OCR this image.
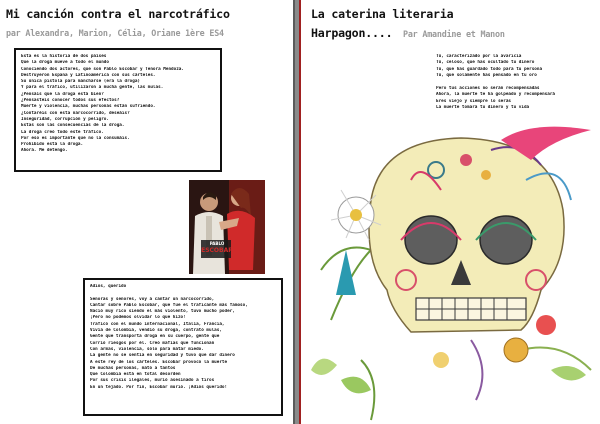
Mi canción contra el narcotráfico
par Alexandra, Marion, Célia, Oriane 1ère ES4
Esta es la historia de dos países
Que la droga mueve a todo el mundo
Conociendo dos actores, que son Pablo Escobar y Tenora Mendoza.
Destruyeron España y Latinoamérica con sus cárteles.
Su única pistola para mancharse (era la droga)
Y para el tráfico, utilizaron a mucha gente, las mulas.
¿Pensáis que la droga está bien?
¿Pensasteis conocer todos sus efectos?
Muerte y violencia, muchas personas están sufriendo.
¿Contaréis con esta narcocorrido, deseáis?
Inseguridad, corrupción y peligro.
Estas son las consecuencias de la droga.
La droga creó todo este tráfico.
Por eso es importante que no la consumáis.
Prohibido está la droga.
Ahora. Me detengo.
PABLO
ESCOBAR
Adiós, querido

Señoras y señores, voy a cantar un narcocorrido,
Cantar sobre Pablo Escobar, que fue el traficante más famoso,
Nació muy rico siendo el más violento, tuvo mucho poder,
¡Pero no podemos olvidar lo que hizo!
Traficó con el mundo internacional, Italia, Francia,
Vivía de Colombia, vendió su droga, contrató mulas,
Gente que transporta droga en su cuerpo, gente que
Corrió riesgos por él. Creó mafias que funcionan
Con armas, violencia, sólo para matar miedo.
La gente no se sentía en seguridad y tuvo que dar dinero
A este rey de los cárteles. Escobar provocó la muerte
De muchas personas, mató a tantos
Que Colombia está en total desorden
Por sus crisis ilegales, murió asesinado a tiros
En un tejado. Por fin, Escobar murió. ¡Adiós querido!
La caterina literaria
Harpagon.... Par Amandine et Manon
Tú, caracterizado por la avaricia
Tú, celoso, que has ocultado tu dinero
Tú, que has guardado todo para tu persona
Tú, que solamente has pensado en tu oro
Pero tus acciones no serán recompensadas
Ahora, la muerte te ha golpeado y recompensará
Eres viejo y siempre lo serás
La muerte tomará tu dinero y tu vida
